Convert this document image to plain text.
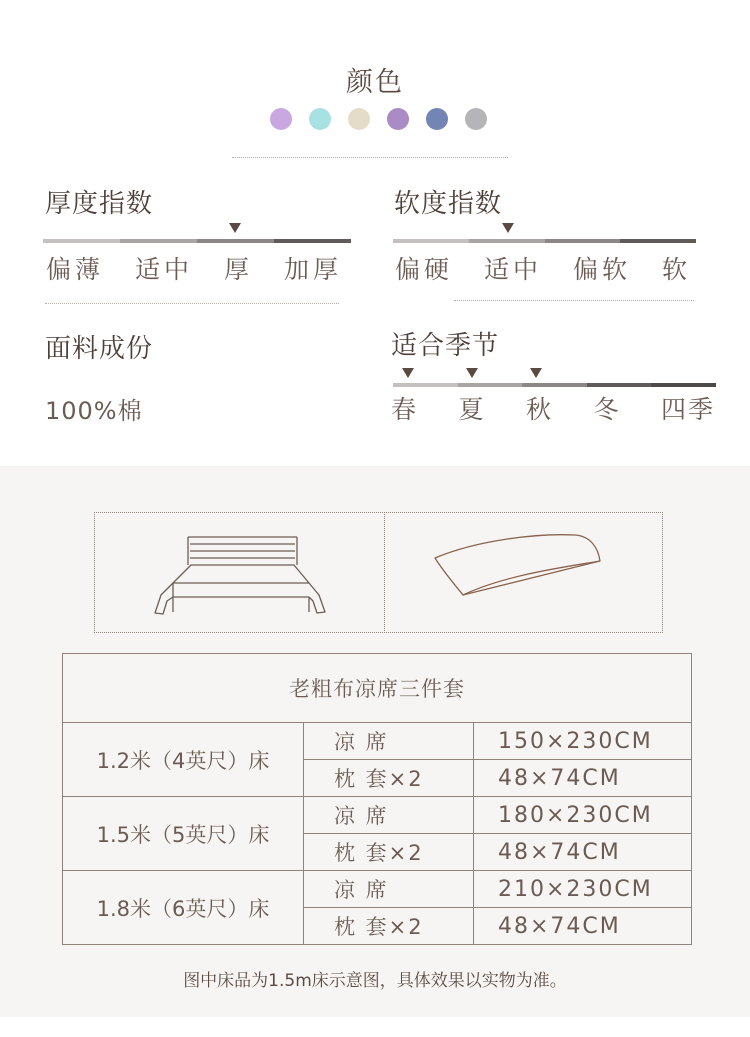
颜色
厚度指数
偏薄 适中 厚 加厚
软度指数
偏硬 适中 偏软 软
面料成份
100%棉
适合季节
春 夏 秋 冬 四季
老粗布凉席三件套		
1.2米（4英尺）床	凉 席	150×230CM
	枕 套×2	48×74CM
1.5米（5英尺）床	凉 席	180×230CM
	枕 套×2	48×74CM
1.8米（6英尺）床	凉 席	210×230CM
	枕 套×2	48×74CM
图中床品为1.5m床示意图，具体效果以实物为准。
